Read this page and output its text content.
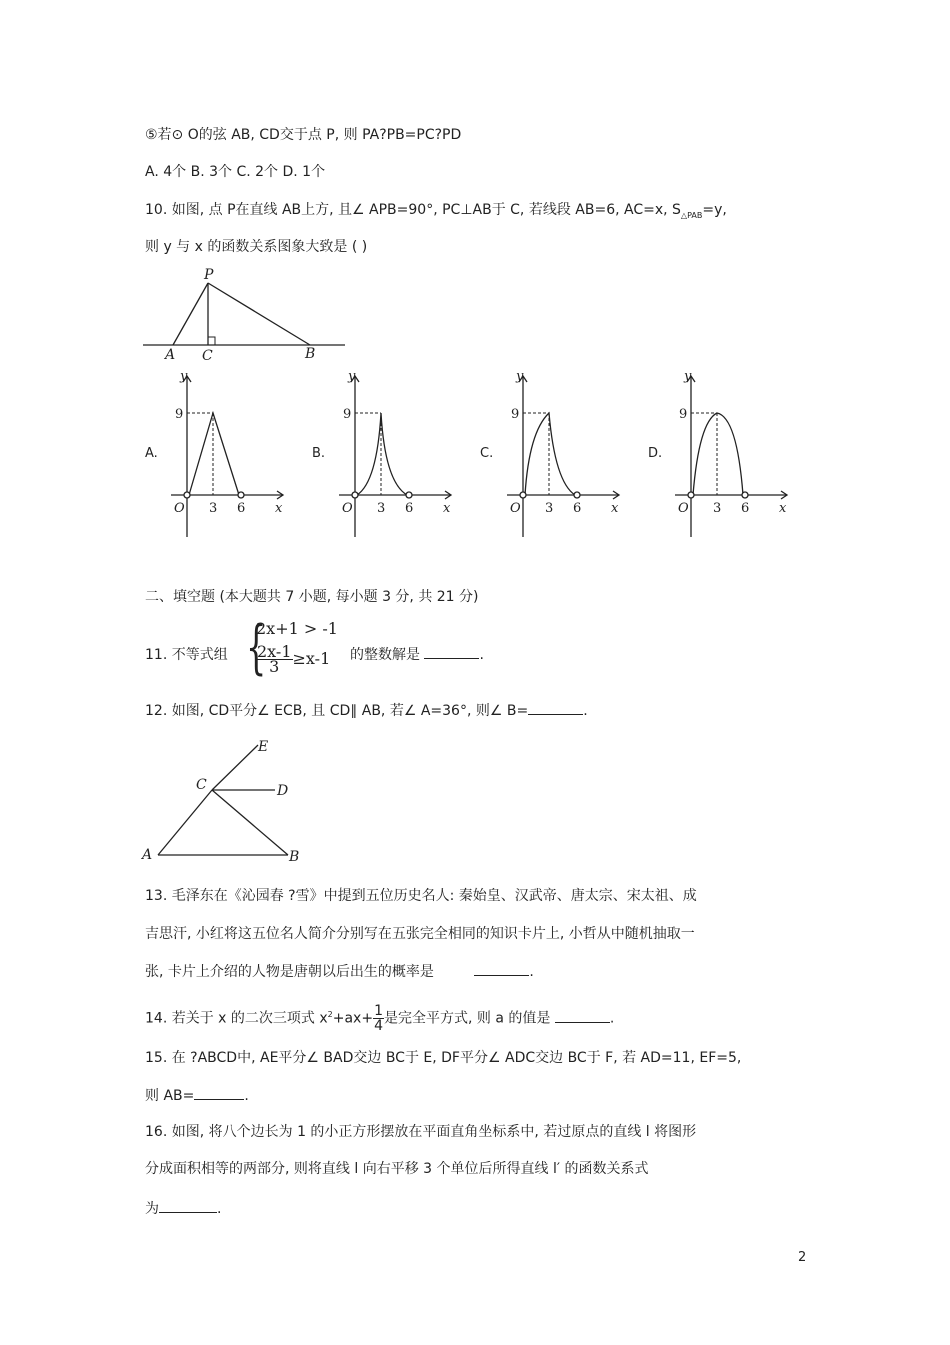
⑤若⊙ O的弦 AB, CD交于点 P, 则 PA?PB=PC?PD
A. 4个 B. 3个 C. 2个 D. 1个
10. 如图, 点 P在直线 AB上方, 且∠ APB=90°, PC⊥AB于 C, 若线段 AB=6, AC=x, $S_{\triangle PAB}=y$,
则 y 与 x 的函数关系图象大致是 ( )
P
A C	B
A.	B.	C.	D.
y
x
O
9
3 6
y
x
O
9
3 6
y
x
O
9
3 6
y
x
O
9
3 6
二、填空题 (本大题共 7 小题, 每小题 3 分, 共 21 分)
11. 不等式组 {
2x+1 > -1
$\frac{2x-1}{3} \ge x-1$ 的整数解是	.
12. 如图, CD平分∠ ECB, 且 CD∥ AB, 若∠ A=36°, 则∠ B=	.
E
C	D
A	B
13. 毛泽东在《沁园春 ?雪》中提到五位历史名人: 秦始皇、汉武帝、唐太宗、宋太祖、成
吉思汗, 小红将这五位名人简介分别写在五张完全相同的知识卡片上, 小哲从中随机抽取一
张, 卡片上介绍的人物是唐朝以后出生的概率是	.
14. 若关于 x 的二次三项式 $x^2+ax+ \frac{1}{4}$ 是完全平方式, 则 a 的值是	.
15. 在 ?ABCD中, AE平分∠ BAD交边 BC于 E, DF平分∠ ADC交边 BC于 F, 若 AD=11, EF=5,
则 AB=	.
16. 如图, 将八个边长为 1 的小正方形摆放在平面直角坐标系中, 若过原点的直线 l 将图形
分成面积相等的两部分, 则将直线 l 向右平移 3 个单位后所得直线 l′ 的函数关系式
为	.
2
